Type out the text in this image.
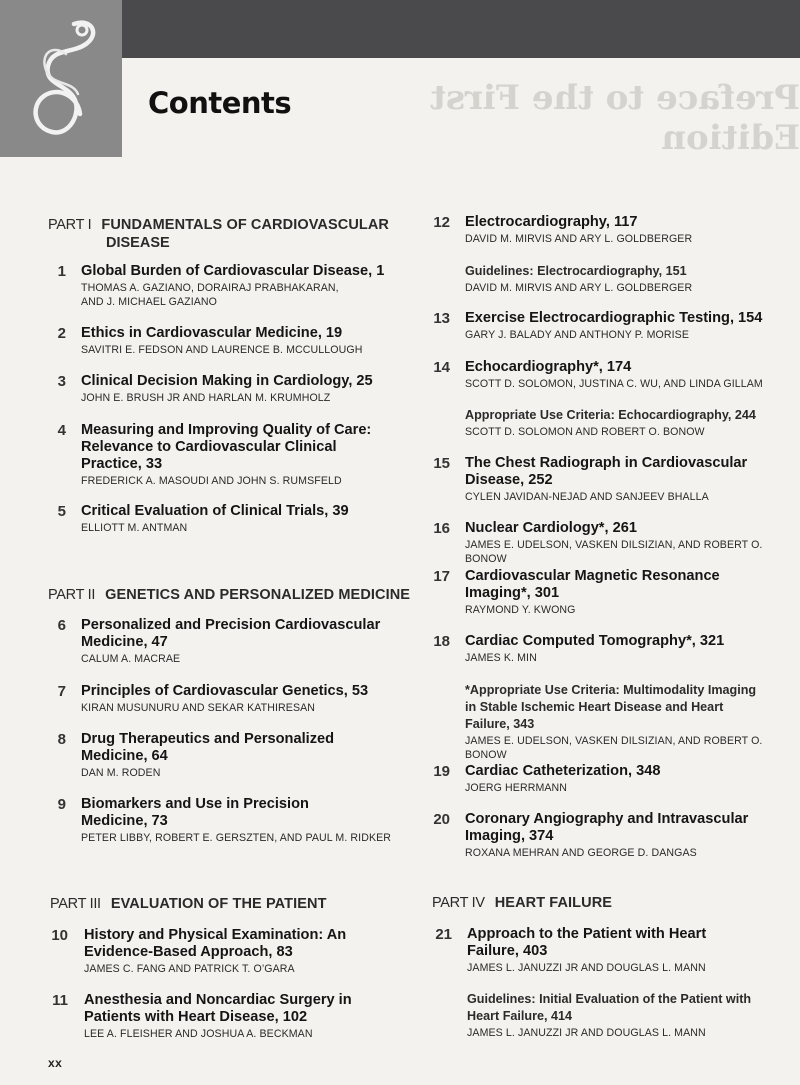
Preface to the First Edition
Contents
PART I FUNDAMENTALS OF CARDIOVASCULAR
DISEASE
PART II GENETICS AND PERSONALIZED MEDICINE
PART III EVALUATION OF THE PATIENT	PART IV HEART FAILURE
1 Global Burden of Cardiovascular Disease, 1
THOMAS A. GAZIANO, DORAIRAJ PRABHAKARAN,
AND J. MICHAEL GAZIANO
2 Ethics in Cardiovascular Medicine, 19
SAVITRI E. FEDSON AND LAURENCE B. MCCULLOUGH
3 Clinical Decision Making in Cardiology, 25
JOHN E. BRUSH JR AND HARLAN M. KRUMHOLZ
4 Measuring and Improving Quality of Care:
Relevance to Cardiovascular Clinical
Practice, 33
FREDERICK A. MASOUDI AND JOHN S. RUMSFELD
5 Critical Evaluation of Clinical Trials, 39
ELLIOTT M. ANTMAN
6 Personalized and Precision Cardiovascular
Medicine, 47
CALUM A. MACRAE
7 Principles of Cardiovascular Genetics, 53
KIRAN MUSUNURU AND SEKAR KATHIRESAN
8 Drug Therapeutics and Personalized
Medicine, 64
DAN M. RODEN
9 Biomarkers and Use in Precision
Medicine, 73
PETER LIBBY, ROBERT E. GERSZTEN, AND PAUL M. RIDKER
10 History and Physical Examination: An
Evidence-Based Approach, 83
JAMES C. FANG AND PATRICK T. O’GARA
11 Anesthesia and Noncardiac Surgery in
Patients with Heart Disease, 102
LEE A. FLEISHER AND JOSHUA A. BECKMAN
12 Electrocardiography, 117
DAVID M. MIRVIS AND ARY L. GOLDBERGER
Guidelines: Electrocardiography, 151
DAVID M. MIRVIS AND ARY L. GOLDBERGER
13 Exercise Electrocardiographic Testing, 154
GARY J. BALADY AND ANTHONY P. MORISE
14 Echocardiography*, 174
SCOTT D. SOLOMON, JUSTINA C. WU, AND LINDA GILLAM
Appropriate Use Criteria: Echocardiography, 244
SCOTT D. SOLOMON AND ROBERT O. BONOW
15 The Chest Radiograph in Cardiovascular
Disease, 252
CYLEN JAVIDAN-NEJAD AND SANJEEV BHALLA
16 Nuclear Cardiology*, 261
JAMES E. UDELSON, VASKEN DILSIZIAN, AND ROBERT O. BONOW
17 Cardiovascular Magnetic Resonance
Imaging*, 301
RAYMOND Y. KWONG
18 Cardiac Computed Tomography*, 321
JAMES K. MIN
*Appropriate Use Criteria: Multimodality Imaging
in Stable Ischemic Heart Disease and Heart
Failure, 343
JAMES E. UDELSON, VASKEN DILSIZIAN, AND ROBERT O. BONOW
19 Cardiac Catheterization, 348
JOERG HERRMANN
20 Coronary Angiography and Intravascular
Imaging, 374
ROXANA MEHRAN AND GEORGE D. DANGAS
21 Approach to the Patient with Heart
Failure, 403
JAMES L. JANUZZI JR AND DOUGLAS L. MANN
Guidelines: Initial Evaluation of the Patient with
Heart Failure, 414
JAMES L. JANUZZI JR AND DOUGLAS L. MANN
xx
